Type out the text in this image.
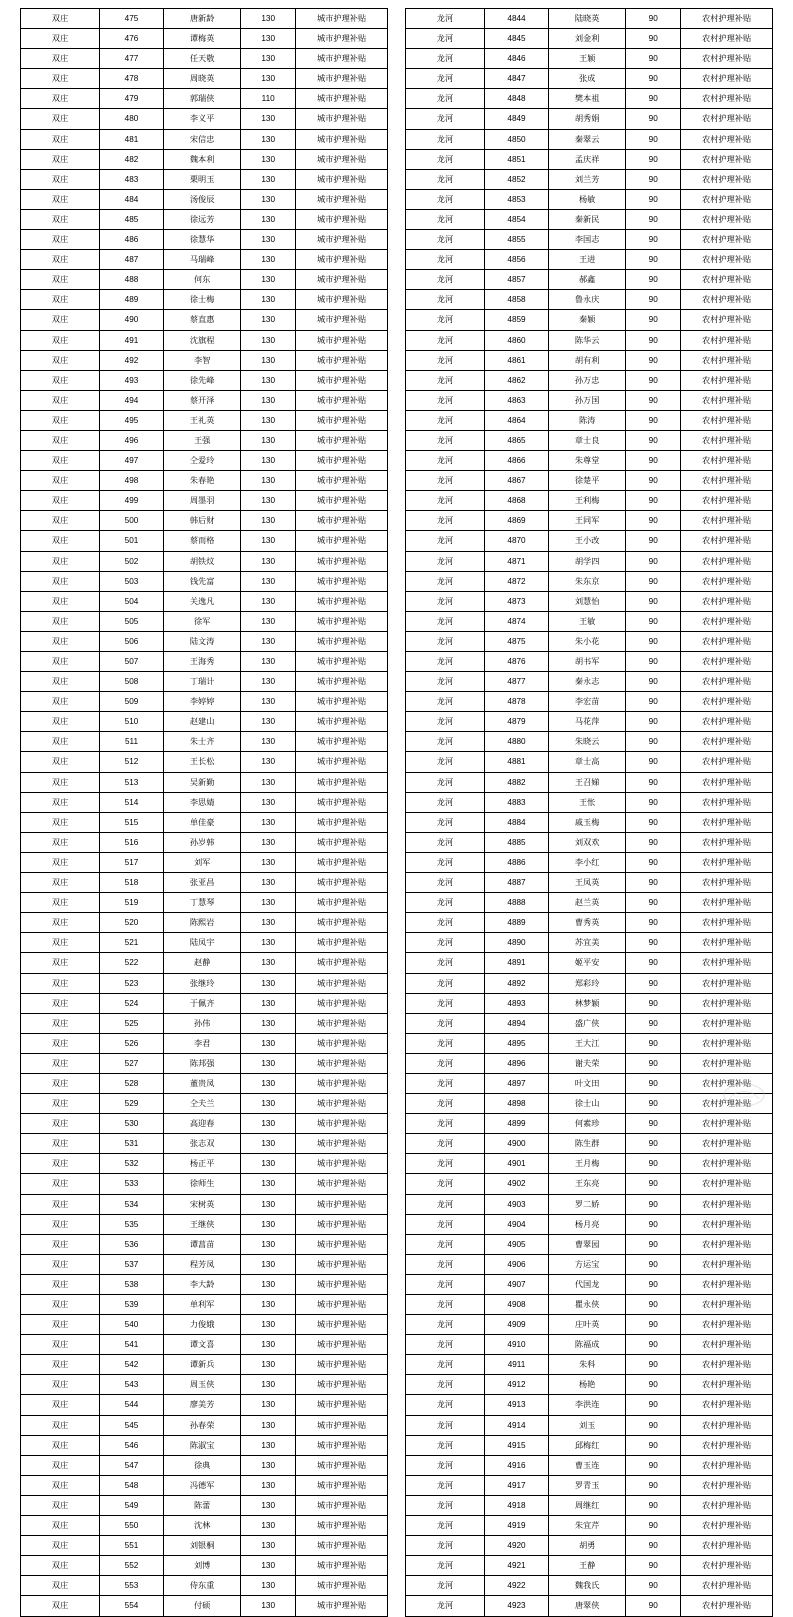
双庄	475	唐新龄	130	城市护理补贴
双庄	476	谭梅英	130	城市护理补贴
双庄	477	任天敬	130	城市护理补贴
双庄	478	周晓英	130	城市护理补贴
双庄	479	郭瑞侠	110	城市护理补贴
双庄	480	李义平	130	城市护理补贴
双庄	481	宋信忠	130	城市护理补贴
双庄	482	魏本利	130	城市护理补贴
双庄	483	栗明玉	130	城市护理补贴
双庄	484	汤俊辰	130	城市护理补贴
双庄	485	徐远芳	130	城市护理补贴
双庄	486	徐慧华	130	城市护理补贴
双庄	487	马瑞峰	130	城市护理补贴
双庄	488	何东	130	城市护理补贴
双庄	489	徐士梅	130	城市护理补贴
双庄	490	蔡直惠	130	城市护理补贴
双庄	491	沈旗程	130	城市护理补贴
双庄	492	李智	130	城市护理补贴
双庄	493	徐先峰	130	城市护理补贴
双庄	494	蔡开泽	130	城市护理补贴
双庄	495	王礼英	130	城市护理补贴
双庄	496	王强	130	城市护理补贴
双庄	497	仝爱玲	130	城市护理补贴
双庄	498	朱春艳	130	城市护理补贴
双庄	499	周墨羽	130	城市护理补贴
双庄	500	韩后财	130	城市护理补贴
双庄	501	蔡而格	130	城市护理补贴
双庄	502	胡铁炆	130	城市护理补贴
双庄	503	钱先富	130	城市护理补贴
双庄	504	关逸凡	130	城市护理补贴
双庄	505	徐军	130	城市护理补贴
双庄	506	陆文涛	130	城市护理补贴
双庄	507	王海秀	130	城市护理补贴
双庄	508	丁瑞计	130	城市护理补贴
双庄	509	李婷婷	130	城市护理补贴
双庄	510	赵建山	130	城市护理补贴
双庄	511	朱士齐	130	城市护理补贴
双庄	512	王长松	130	城市护理补贴
双庄	513	吴新勤	130	城市护理补贴
双庄	514	李思婧	130	城市护理补贴
双庄	515	单佳豪	130	城市护理补贴
双庄	516	孙岁韩	130	城市护理补贴
双庄	517	刘军	130	城市护理补贴
双庄	518	张亚昌	130	城市护理补贴
双庄	519	丁慧琴	130	城市护理补贴
双庄	520	陈熙岩	130	城市护理补贴
双庄	521	陆凤宇	130	城市护理补贴
双庄	522	赵静	130	城市护理补贴
双庄	523	张继玲	130	城市护理补贴
双庄	524	于佩齐	130	城市护理补贴
双庄	525	孙伟	130	城市护理补贴
双庄	526	李君	130	城市护理补贴
双庄	527	陈邦强	130	城市护理补贴
双庄	528	董贵凤	130	城市护理补贴
双庄	529	仝夫兰	130	城市护理补贴
双庄	530	高迎春	130	城市护理补贴
双庄	531	张志双	130	城市护理补贴
双庄	532	杨正平	130	城市护理补贴
双庄	533	徐师生	130	城市护理补贴
双庄	534	宋树英	130	城市护理补贴
双庄	535	王继侠	130	城市护理补贴
双庄	536	谭菖苗	130	城市护理补贴
双庄	537	程芳凤	130	城市护理补贴
双庄	538	李大龄	130	城市护理补贴
双庄	539	单利军	130	城市护理补贴
双庄	540	力俊娥	130	城市护理补贴
双庄	541	谭文喜	130	城市护理补贴
双庄	542	谭新兵	130	城市护理补贴
双庄	543	周玉侠	130	城市护理补贴
双庄	544	廖美芳	130	城市护理补贴
双庄	545	孙春荣	130	城市护理补贴
双庄	546	陈淑宝	130	城市护理补贴
双庄	547	徐典	130	城市护理补贴
双庄	548	冯德军	130	城市护理补贴
双庄	549	陈蕾	130	城市护理补贴
双庄	550	沈林	130	城市护理补贴
双庄	551	刘银桐	130	城市护理补贴
双庄	552	刘博	130	城市护理补贴
双庄	553	侍东重	130	城市护理补贴
双庄	554	付硕	130	城市护理补贴
龙河	4844	陆晓英	90	农村护理补贴
龙河	4845	刘金利	90	农村护理补贴
龙河	4846	王颖	90	农村护理补贴
龙河	4847	张成	90	农村护理补贴
龙河	4848	樊本祖	90	农村护理补贴
龙河	4849	胡秀娟	90	农村护理补贴
龙河	4850	秦翠云	90	农村护理补贴
龙河	4851	孟庆祥	90	农村护理补贴
龙河	4852	刘兰芳	90	农村护理补贴
龙河	4853	杨敏	90	农村护理补贴
龙河	4854	秦新民	90	农村护理补贴
龙河	4855	李国志	90	农村护理补贴
龙河	4856	王进	90	农村护理补贴
龙河	4857	郝鑫	90	农村护理补贴
龙河	4858	鲁永庆	90	农村护理补贴
龙河	4859	秦颖	90	农村护理补贴
龙河	4860	陈华云	90	农村护理补贴
龙河	4861	胡有利	90	农村护理补贴
龙河	4862	孙万忠	90	农村护理补贴
龙河	4863	孙万国	90	农村护理补贴
龙河	4864	陈涛	90	农村护理补贴
龙河	4865	章士良	90	农村护理补贴
龙河	4866	朱尊堂	90	农村护理补贴
龙河	4867	徐楚平	90	农村护理补贴
龙河	4868	王利梅	90	农村护理补贴
龙河	4869	王同军	90	农村护理补贴
龙河	4870	王小改	90	农村护理补贴
龙河	4871	胡学四	90	农村护理补贴
龙河	4872	朱东京	90	农村护理补贴
龙河	4873	刘慧怡	90	农村护理补贴
龙河	4874	王敏	90	农村护理补贴
龙河	4875	朱小花	90	农村护理补贴
龙河	4876	胡书军	90	农村护理补贴
龙河	4877	秦永志	90	农村护理补贴
龙河	4878	李宏苗	90	农村护理补贴
龙河	4879	马花萍	90	农村护理补贴
龙河	4880	朱晓云	90	农村护理补贴
龙河	4881	章士高	90	农村护理补贴
龙河	4882	王召娣	90	农村护理补贴
龙河	4883	王怅	90	农村护理补贴
龙河	4884	戚玉梅	90	农村护理补贴
龙河	4885	刘双欢	90	农村护理补贴
龙河	4886	李小红	90	农村护理补贴
龙河	4887	王凤英	90	农村护理补贴
龙河	4888	赵兰英	90	农村护理补贴
龙河	4889	曹秀英	90	农村护理补贴
龙河	4890	苏宜美	90	农村护理补贴
龙河	4891	姬平安	90	农村护理补贴
龙河	4892	郑彩玲	90	农村护理补贴
龙河	4893	林梦颖	90	农村护理补贴
龙河	4894	盛广侠	90	农村护理补贴
龙河	4895	王大江	90	农村护理补贴
龙河	4896	谢夫荣	90	农村护理补贴
龙河	4897	叶文田	90	农村护理补贴
龙河	4898	徐士山	90	农村护理补贴
龙河	4899	何素珍	90	农村护理补贴
龙河	4900	陈生群	90	农村护理补贴
龙河	4901	王月梅	90	农村护理补贴
龙河	4902	王东亮	90	农村护理补贴
龙河	4903	罗二娇	90	农村护理补贴
龙河	4904	杨月亮	90	农村护理补贴
龙河	4905	曹翠园	90	农村护理补贴
龙河	4906	方运宝	90	农村护理补贴
龙河	4907	代国龙	90	农村护理补贴
龙河	4908	瞿永侠	90	农村护理补贴
龙河	4909	庄叶英	90	农村护理补贴
龙河	4910	陈福成	90	农村护理补贴
龙河	4911	朱科	90	农村护理补贴
龙河	4912	杨艳	90	农村护理补贴
龙河	4913	李洪连	90	农村护理补贴
龙河	4914	刘玉	90	农村护理补贴
龙河	4915	邱梅红	90	农村护理补贴
龙河	4916	曹玉连	90	农村护理补贴
龙河	4917	罗青玉	90	农村护理补贴
龙河	4918	周继红	90	农村护理补贴
龙河	4919	朱宜芹	90	农村护理补贴
龙河	4920	胡勇	90	农村护理补贴
龙河	4921	王静	90	农村护理补贴
龙河	4922	魏我氏	90	农村护理补贴
龙河	4923	唐翠侠	90	农村护理补贴
